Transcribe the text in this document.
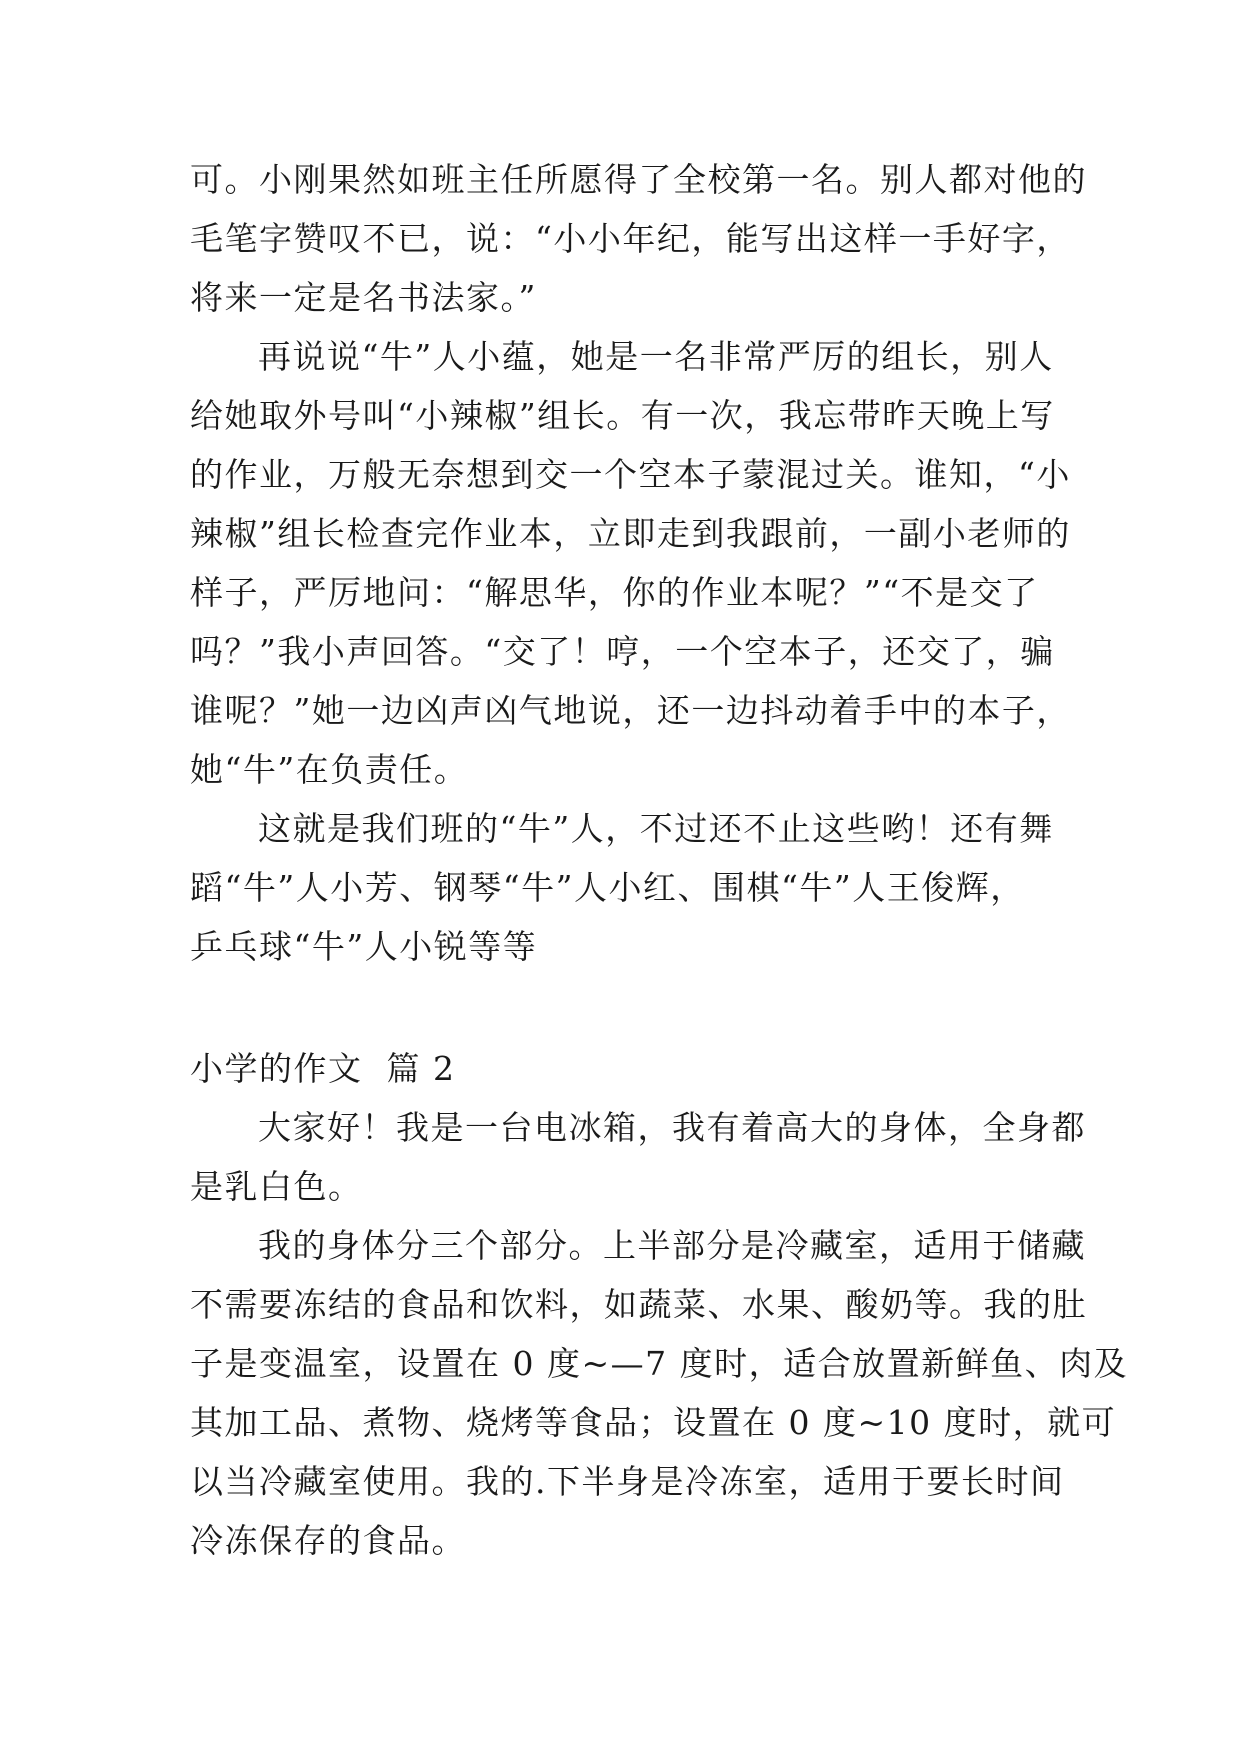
可。小刚果然如班主任所愿得了全校第一名。别人都对他的
毛笔字赞叹不已，说：“小小年纪，能写出这样一手好字，
将来一定是名书法家。”
再说说“牛”人小蕴，她是一名非常严厉的组长，别人
给她取外号叫“小辣椒”组长。有一次，我忘带昨天晚上写
的作业，万般无奈想到交一个空本子蒙混过关。谁知，“小
辣椒”组长检查完作业本，立即走到我跟前，一副小老师的
样子，严厉地问：“解思华，你的作业本呢？”“不是交了
吗？”我小声回答。“交了！哼，一个空本子，还交了，骗
谁呢？”她一边凶声凶气地说，还一边抖动着手中的本子，
她“牛”在负责任。
这就是我们班的“牛”人，不过还不止这些哟！还有舞
蹈“牛”人小芳、钢琴“牛”人小红、围棋“牛”人王俊辉，
乒乓球“牛”人小锐等等
小学的作文  篇 2
大家好！我是一台电冰箱，我有着高大的身体，全身都
是乳白色。
我的身体分三个部分。上半部分是冷藏室，适用于储藏
不需要冻结的食品和饮料，如蔬菜、水果、酸奶等。我的肚
子是变温室，设置在 0 度~—7 度时，适合放置新鲜鱼、肉及
其加工品、煮物、烧烤等食品；设置在 0 度~10 度时，就可
以当冷藏室使用。我的.下半身是冷冻室，适用于要长时间
冷冻保存的食品。
